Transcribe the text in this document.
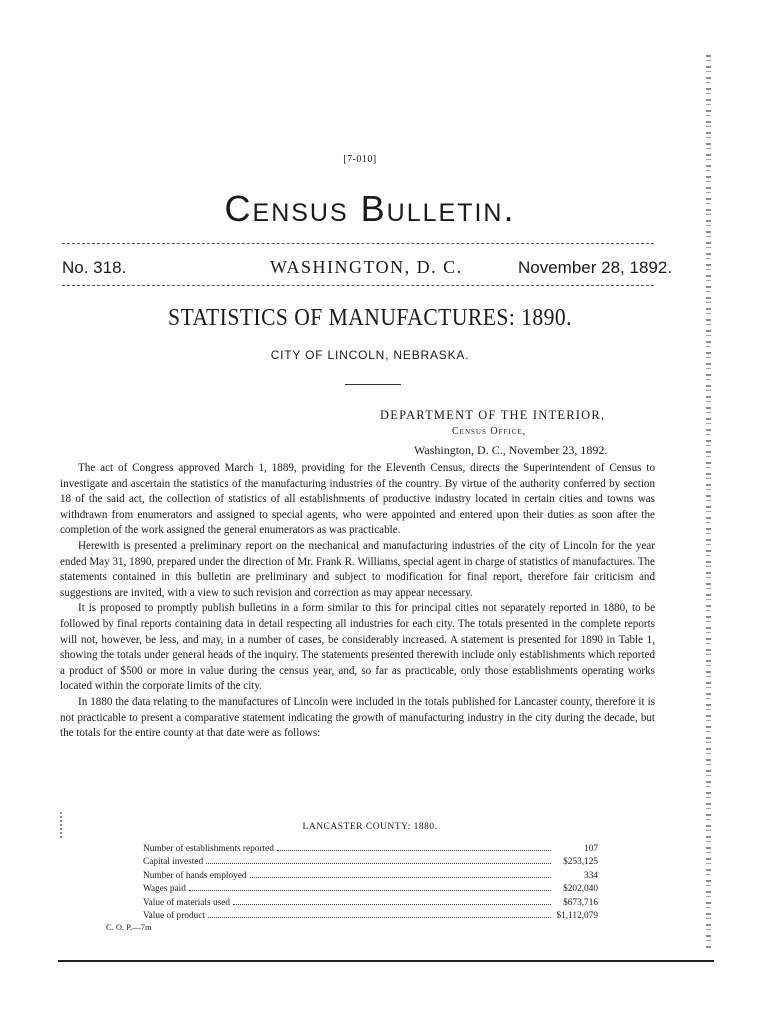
[7-010]
Census Bulletin.
No. 318.	WASHINGTON, D. C.	November 28, 1892.
STATISTICS OF MANUFACTURES: 1890.
CITY OF LINCOLN, NEBRASKA.
DEPARTMENT OF THE INTERIOR,
Census Office,
Washington, D. C., November 23, 1892.

The act of Congress approved March 1, 1889, providing for the Eleventh Census, directs the Superintendent of Census to investigate and ascertain the statistics of the manufacturing industries of the country. By virtue of the authority conferred by section 18 of the said act, the collection of statistics of all establishments of productive industry located in certain cities and towns was withdrawn from enumerators and assigned to special agents, who were appointed and entered upon their duties as soon after the completion of the work assigned the general enumerators as was practicable.

Herewith is presented a preliminary report on the mechanical and manufacturing industries of the city of Lincoln for the year ended May 31, 1890, prepared under the direction of Mr. Frank R. Williams, special agent in charge of statistics of manufactures. The statements contained in this bulletin are preliminary and subject to modification for final report, therefore fair criticism and suggestions are invited, with a view to such revision and correction as may appear necessary.

It is proposed to promptly publish bulletins in a form similar to this for principal cities not separately reported in 1880, to be followed by final reports containing data in detail respecting all industries for each city. The totals presented in the complete reports will not, however, be less, and may, in a number of cases, be considerably increased. A statement is presented for 1890 in Table 1, showing the totals under general heads of the inquiry. The statements presented therewith include only establishments which reported a product of $500 or more in value during the census year, and, so far as practicable, only those establishments operating works located within the corporate limits of the city.

In 1880 the data relating to the manufactures of Lincoln were included in the totals published for Lancaster county, therefore it is not practicable to present a comparative statement indicating the growth of manufacturing industry in the city during the decade, but the totals for the entire county at that date were as follows:

LANCASTER COUNTY: 1880.
Number of establishments reported	107
Capital invested	$253,125
Number of hands employed	334
Wages paid	$202,040
Value of materials used	$673,716
Value of product	$1,112,079
C. O. P.—7m
